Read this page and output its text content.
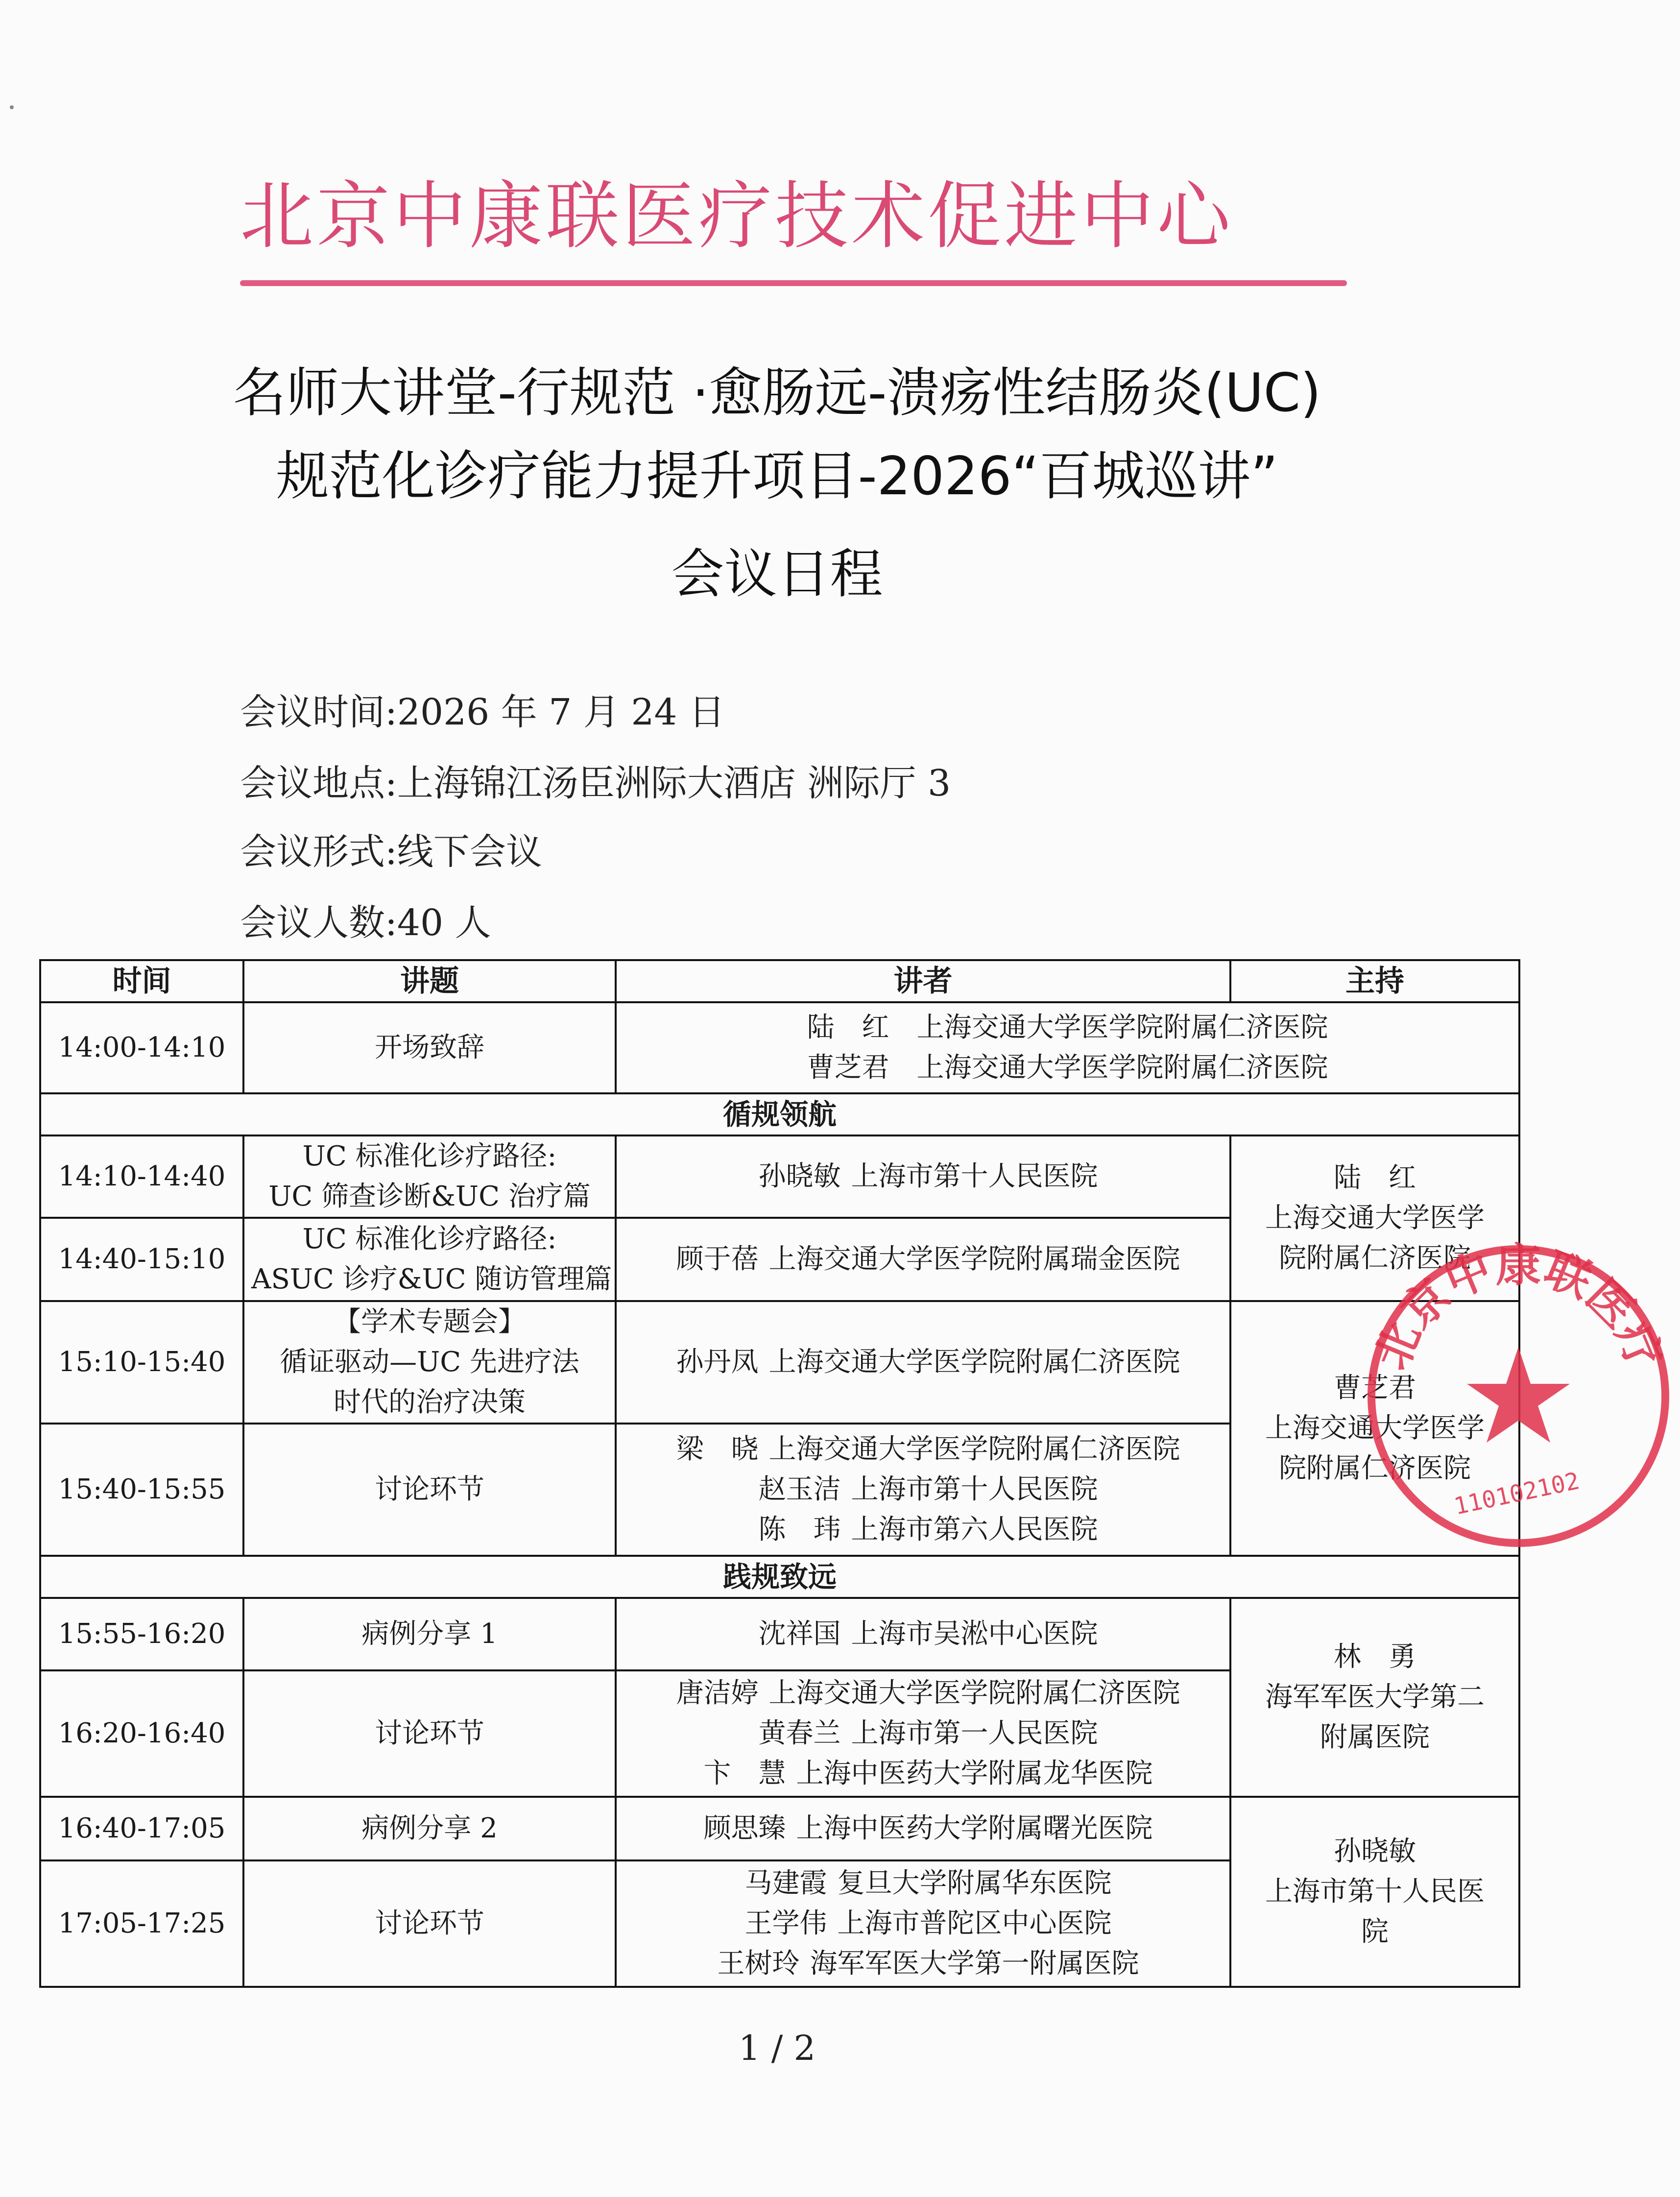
北京中康联医疗技术促进中心
名师大讲堂-行规范 ·愈肠远-溃疡性结肠炎(UC)
规范化诊疗能力提升项目-2026“百城巡讲”
会议日程
会议时间:2026 年 7 月 24 日
会议地点:上海锦江汤臣洲际大酒店 洲际厅 3
会议形式:线下会议
会议人数:40 人
时间	讲题	讲者	主持
14:00-14:10	开场致辞	陆　红  上海交通大学医学院附属仁济医院
曹芝君  上海交通大学医学院附属仁济医院	

循规领航			
14:10-14:40	UC 标准化诊疗路径:
UC 筛查诊断&UC 治疗篇	孙晓敏 上海市第十人民医院	陆　红
上海交通大学医学
院附属仁济医院

14:40-15:10	UC 标准化诊疗路径:
ASUC 诊疗&UC 随访管理篇	顾于蓓 上海交通大学医学院附属瑞金医院	

15:10-15:40	【学术专题会】
循证驱动—UC 先进疗法
时代的治疗决策	孙丹凤 上海交通大学医学院附属仁济医院	曹芝君
上海交通大学医学
院附属仁济医院

15:40-15:55	讨论环节	梁　晓 上海交通大学医学院附属仁济医院
赵玉洁 上海市第十人民医院
陈　玮 上海市第六人民医院	

践规致远			
15:55-16:20	病例分享 1	沈祥国 上海市吴淞中心医院	林　勇
海军军医大学第二
附属医院

16:20-16:40	讨论环节	唐洁婷 上海交通大学医学院附属仁济医院
黄春兰 上海市第一人民医院
卞　慧 上海中医药大学附属龙华医院	

16:40-17:05	病例分享 2	顾思臻 上海中医药大学附属曙光医院	孙晓敏
上海市第十人民医
院

17:05-17:25	讨论环节	马建霞 复旦大学附属华东医院
王学伟 上海市普陀区中心医院
王树玲 海军军医大学第一附属医院	
北京中康联医疗
110102102
1 / 2
